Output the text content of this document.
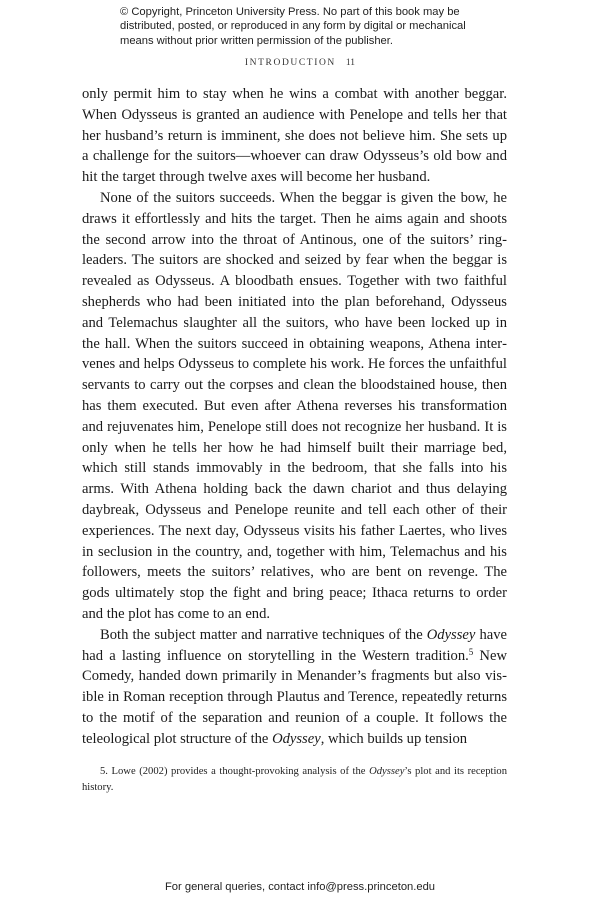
© Copyright, Princeton University Press. No part of this book may be distributed, posted, or reproduced in any form by digital or mechanical means without prior written permission of the publisher.
INTRODUCTION 11

only permit him to stay when he wins a combat with another beggar. When Odysseus is granted an audience with Penelope and tells her that her husband’s return is imminent, she does not believe him. She sets up a challenge for the suitors—whoever can draw Odysseus’s old bow and hit the target through twelve axes will become her husband.

None of the suitors succeeds. When the beggar is given the bow, he draws it effortlessly and hits the target. Then he aims again and shoots the second arrow into the throat of Antinous, one of the suitors’ ringleaders. The suitors are shocked and seized by fear when the beggar is revealed as Odysseus. A bloodbath ensues. Together with two faithful shepherds who had been initiated into the plan beforehand, Odysseus and Telemachus slaughter all the suitors, who have been locked up in the hall. When the suitors succeed in obtaining weapons, Athena intervenes and helps Odysseus to complete his work. He forces the unfaithful servants to carry out the corpses and clean the bloodstained house, then has them executed. But even after Athena reverses his transformation and rejuvenates him, Penelope still does not recognize her husband. It is only when he tells her how he had himself built their marriage bed, which still stands immovably in the bedroom, that she falls into his arms. With Athena holding back the dawn chariot and thus delaying daybreak, Odysseus and Penelope reunite and tell each other of their experiences. The next day, Odysseus visits his father Laertes, who lives in seclusion in the country, and, together with him, Telemachus and his followers, meets the suitors’ relatives, who are bent on revenge. The gods ultimately stop the fight and bring peace; Ithaca returns to order and the plot has come to an end.

Both the subject matter and narrative techniques of the Odyssey have had a lasting influence on storytelling in the Western tradition.$^5$ New Comedy, handed down primarily in Menander’s fragments but also visible in Roman reception through Plautus and Terence, repeatedly returns to the motif of the separation and reunion of a couple. It follows the teleological plot structure of the Odyssey, which builds up tension

5. Lowe (2002) provides a thought-provoking analysis of the Odyssey’s plot and its reception history.
For general queries, contact info@press.princeton.edu
